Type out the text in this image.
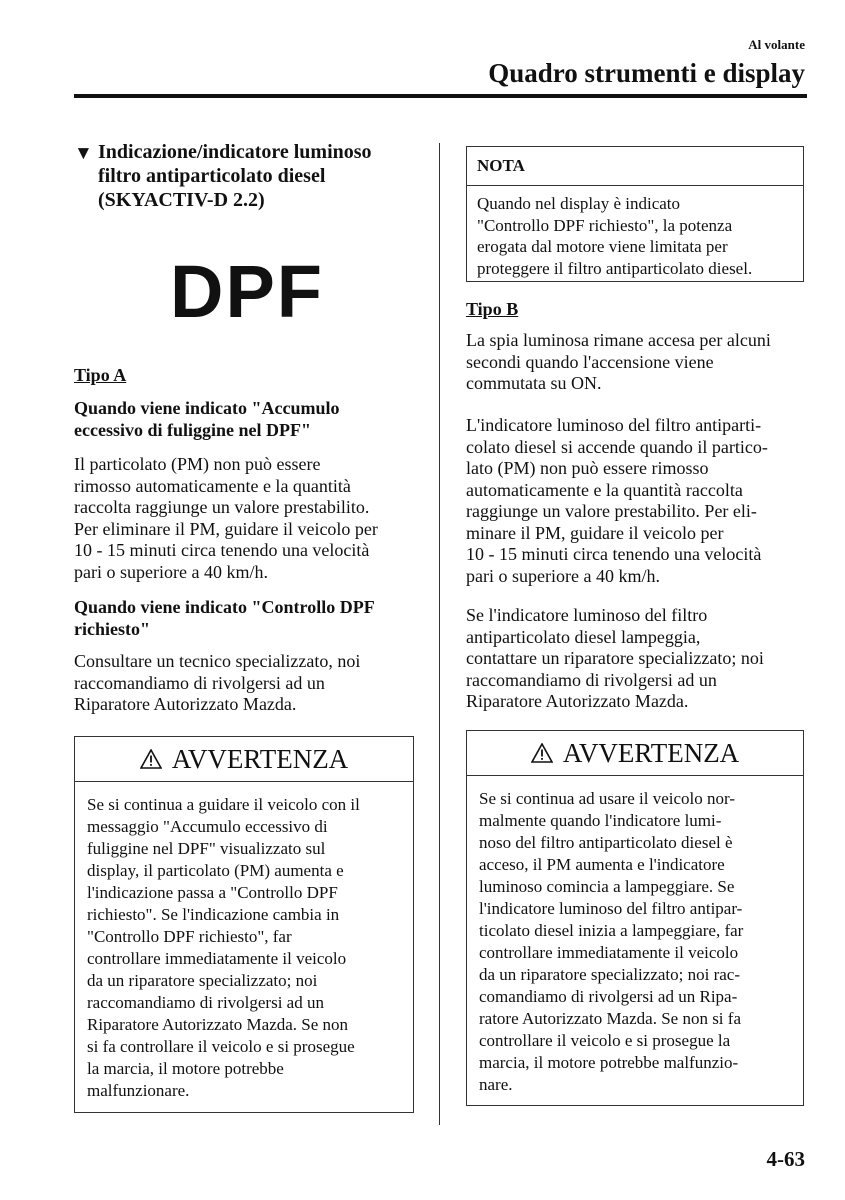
Al volante
Quadro strumenti e display
▼ Indicazione/indicatore luminoso
filtro antiparticolato diesel
(SKYACTIV-D 2.2)
DPF
Tipo A
Quando viene indicato "Accumulo
eccessivo di fuliggine nel DPF"
Il particolato (PM) non può essere
rimosso automaticamente e la quantità
raccolta raggiunge un valore prestabilito.
Per eliminare il PM, guidare il veicolo per
10 - 15 minuti circa tenendo una velocità
pari o superiore a 40 km/h.
Quando viene indicato "Controllo DPF
richiesto"
Consultare un tecnico specializzato, noi
raccomandiamo di rivolgersi ad un
Riparatore Autorizzato Mazda.
AVVERTENZA
Se si continua a guidare il veicolo con il
messaggio "Accumulo eccessivo di
fuliggine nel DPF" visualizzato sul
display, il particolato (PM) aumenta e
l'indicazione passa a "Controllo DPF
richiesto". Se l'indicazione cambia in
"Controllo DPF richiesto", far
controllare immediatamente il veicolo
da un riparatore specializzato; noi
raccomandiamo di rivolgersi ad un
Riparatore Autorizzato Mazda. Se non
si fa controllare il veicolo e si prosegue
la marcia, il motore potrebbe
malfunzionare.
NOTA
Quando nel display è indicato
"Controllo DPF richiesto", la potenza
erogata dal motore viene limitata per
proteggere il filtro antiparticolato diesel.
Tipo B
La spia luminosa rimane accesa per alcuni
secondi quando l'accensione viene
commutata su ON.
L'indicatore luminoso del filtro antiparti-
colato diesel si accende quando il partico-
lato (PM) non può essere rimosso
automaticamente e la quantità raccolta
raggiunge un valore prestabilito. Per eli-
minare il PM, guidare il veicolo per
10 - 15 minuti circa tenendo una velocità
pari o superiore a 40 km/h.
Se l'indicatore luminoso del filtro
antiparticolato diesel lampeggia,
contattare un riparatore specializzato; noi
raccomandiamo di rivolgersi ad un
Riparatore Autorizzato Mazda.
AVVERTENZA
Se si continua ad usare il veicolo nor-
malmente quando l'indicatore lumi-
noso del filtro antiparticolato diesel è
acceso, il PM aumenta e l'indicatore
luminoso comincia a lampeggiare. Se
l'indicatore luminoso del filtro antipar-
ticolato diesel inizia a lampeggiare, far
controllare immediatamente il veicolo
da un riparatore specializzato; noi rac-
comandiamo di rivolgersi ad un Ripa-
ratore Autorizzato Mazda. Se non si fa
controllare il veicolo e si prosegue la
marcia, il motore potrebbe malfunzio-
nare.
4-63
